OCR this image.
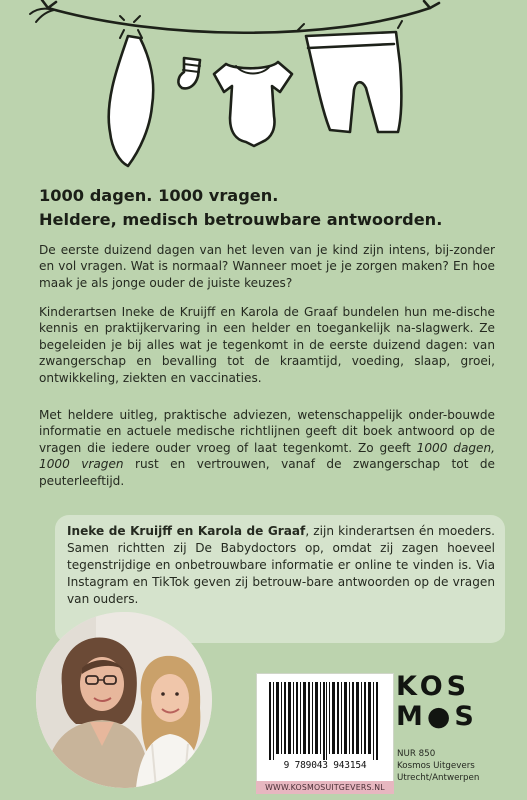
1000 dagen. 1000 vragen.
Heldere, medisch betrouwbare antwoorden.
De eerste duizend dagen van het leven van je kind zijn intens, bij-zonder en vol vragen. Wat is normaal? Wanneer moet je je zorgen maken? En hoe maak je als jonge ouder de juiste keuzes?
Kinderartsen Ineke de Kruijff en Karola de Graaf bundelen hun me-dische kennis en praktijkervaring in een helder en toegankelijk na-slagwerk. Ze begeleiden je bij alles wat je tegenkomt in de eerste duizend dagen: van zwangerschap en bevalling tot de kraamtijd, voeding, slaap, groei, ontwikkeling, ziekten en vaccinaties.
Met heldere uitleg, praktische adviezen, wetenschappelijk onder-bouwde informatie en actuele medische richtlijnen geeft dit boek antwoord op de vragen die iedere ouder vroeg of laat tegenkomt. Zo geeft 1000 dagen, 1000 vragen rust en vertrouwen, vanaf de zwangerschap tot de peuterleeftijd.
Ineke de Kruijff en Karola de Graaf, zijn kinderartsen én moeders. Samen richtten zij De Babydoctors op, omdat zij zagen hoeveel tegenstrijdige en onbetrouwbare informatie er online te vinden is. Via Instagram en TikTok geven zij betrouw-bare antwoorden op de vragen van ouders.
9 789043 943154
WWW.KOSMOSUITGEVERS.NL
KOS
M●S
NUR 850
Kosmos Uitgevers
Utrecht/Antwerpen
